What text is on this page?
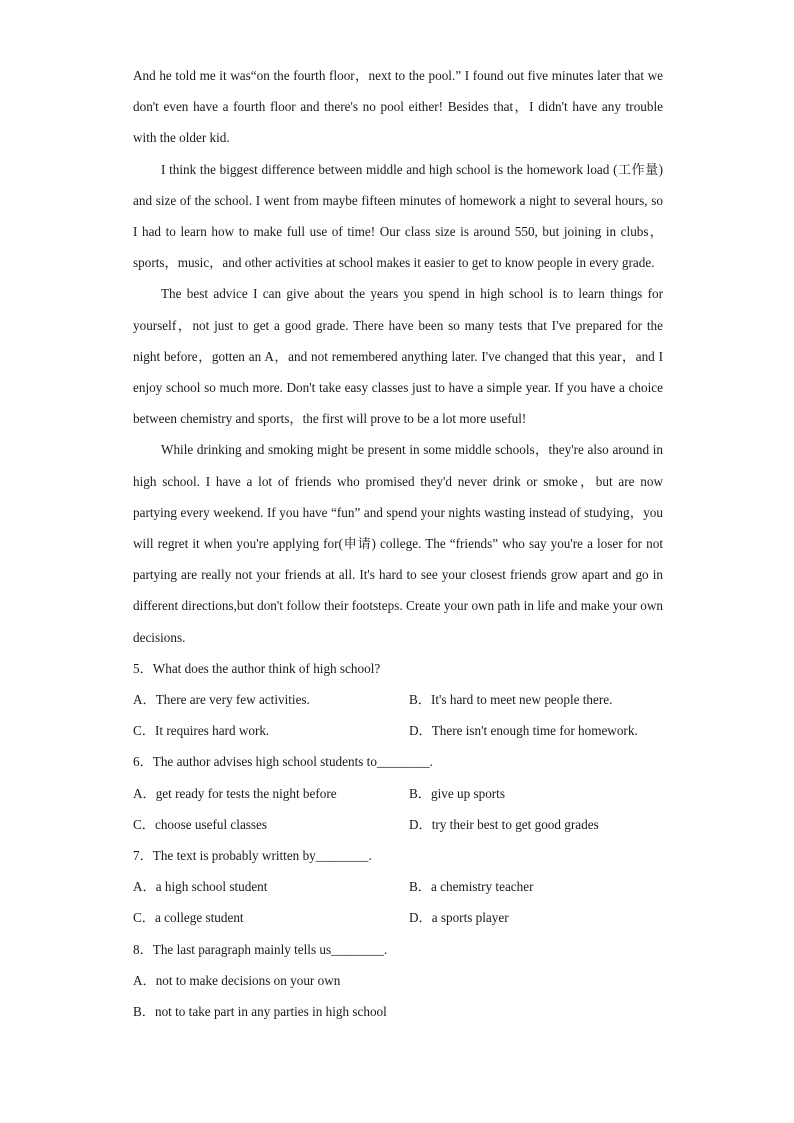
And he told me it was“on the fourth floor，next to the pool.” I found out five minutes later that we don't even have a fourth floor and there's no pool either! Besides that，I didn't have any trouble with the older kid.

I think the biggest difference between middle and high school is the homework load (工作量) and size of the school. I went from maybe fifteen minutes of homework a night to several hours, so I had to learn how to make full use of time! Our class size is around 550, but joining in clubs，sports，music，and other activities at school makes it easier to get to know people in every grade.

The best advice I can give about the years you spend in high school is to learn things for yourself，not just to get a good grade. There have been so many tests that I've prepared for the night before，gotten an A，and not remembered anything later. I've changed that this year，and I enjoy school so much more. Don't take easy classes just to have a simple year. If you have a choice between chemistry and sports，the first will prove to be a lot more useful!

While drinking and smoking might be present in some middle schools，they're also around in high school. I have a lot of friends who promised they'd never drink or smoke，but are now partying every weekend. If you have “fun” and spend your nights wasting instead of studying，you will regret it when you're applying for(申请) college. The “friends” who say you're a loser for not partying are really not your friends at all. It's hard to see your closest friends grow apart and go in different directions,but don't follow their footsteps. Create your own path in life and make your own decisions.

5．What does the author think of high school?

A．There are very few activities.	B．It's hard to meet new people there.
C．It requires hard work.	D．There isn't enough time for homework.

6．The author advises high school students to________.

A．get ready for tests the night before	B．give up sports
C．choose useful classes	D．try their best to get good grades

7．The text is probably written by________.

A．a high school student	B．a chemistry teacher
C．a college student	D．a sports player

8．The last paragraph mainly tells us________.

A．not to make decisions on your own
B．not to take part in any parties in high school
